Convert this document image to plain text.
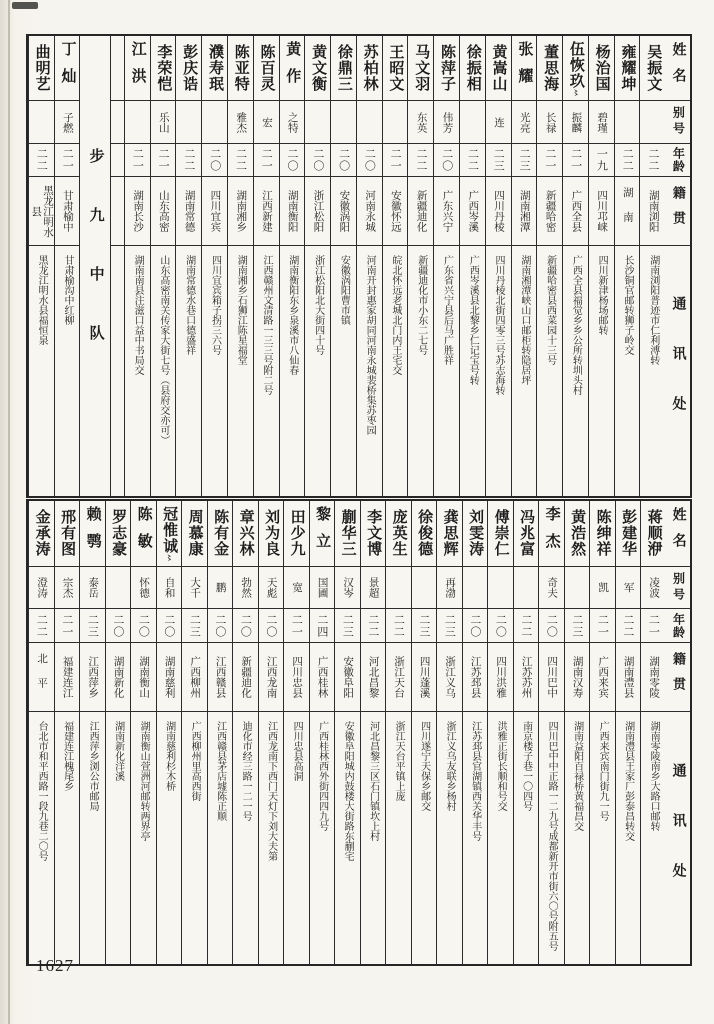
姓名
别号
年龄
籍贯
通讯处
吴振文
二二
湖南浏阳
湖南浏阳普迹市仁利溥转
雍耀坤
二二
湖南
长沙铜官邮转狮子岭交
杨治国
碧瑾
一九
四川邛崃
四川新津杨场邮转
伍恢玖〻
振麟
二一
广西全县
广西全县福觉乡乡公所转圳头村
董思海
长禄
二一
新疆哈密
新疆哈密县西菜园十三号
张耀
光亮
二三
湖南湘潭
湖南湘潭峡山口邮柜转隐居坪
黄嵩山
连
二三
四川丹棱
四川丹棱北街四零三号苏志海转
徐振相
二二
广西岑溪
广西岑溪县北黎乡仁记宝号转
陈萍子
伟芳
二〇
广东兴宁
广东省兴宁县后马广胜祥
马文羽
东英
二二
新疆迪化
新疆迪化市小东二七号
王昭文
二一
安徽怀远
皖北怀远老城北门内王宅交
苏柏林
二〇
河南永城
河南开封惠家胡同河南永城裴桥集苏枣园
徐鼎三
二〇
安徽涡阳
安徽涡阳曹市镇
黄文衡
二〇
浙江松阳
浙江松阳北大街四十号
黄作
之特
二〇
湖南衡阳
湖南衡阳东乡泉溪市八仙春
陈百灵
宏
二一
江西新建
江西赣州文清路一三三号附二号
陈亚特
雅杰
二二
湖南湘乡
湖南湘乡石狮江陈星福堂
濮寿珉
二〇
四川宜宾
四川宜宾箱子拐三六号
彭庆诰
二二
湖南常德
湖南常德水巷口德盛祥
李荣恺
乐山
二一
山东高密
山东高密南关传家大街七号（县府交亦可）
江洪
二一
湖南长沙
湖南南县注滋口益中书局交
步九中队
丁灿
子燃
二一
甘肃榆中
甘肃榆沟中红柳
曲明艺
二二
黑龙江明水县
黑龙江明水县福恒泉
姓名
别号
年龄
籍贯
通讯处
蒋顺洢
凌波
二一
湖南零陵
湖南零陵南乡大路口邮转
彭建华
军
二二
湖南澧县
湖南澧县王家厂彭泰昌转交
陈绅祥
凯
二一
广西来宾
广西来宾南门街九一号
黄浩然
二三
湖南汉寿
湖南益阳百禄桥黄福昌交
李杰
奇夫
二〇
四川巴中
四川巴中中正路一二九号成都新开市街六〇号附五号
冯兆富
二二
江苏苏州
南京楼子巷一〇四号
傅崇仁
二〇
四川洪雅
洪雅正街长顺和号交
刘雯涛
二〇
江苏邳县
江苏邳县官湖镇西关华丰号
龚思辉
再渤
二三
浙江义乌
浙江义乌友联乡杨村
徐俊德
二三
四川蓬溪
四川遂宁天保乡邮交
庞英生
二二
浙江天台
浙江天台平镇上庞
李文博
景超
二二
河北昌黎
河北昌黎三区石门镇坎上村
蒯华三
汉岑
二三
安徽阜阳
安徽阜阳城内鼓楼大街路东蒯宅
黎立
国圃
二四
广西桂林
广西桂林西外街四四九号
田少九
宽
二一
四川忠县
四川忠县高洞
刘为良
天彪
二〇
江西龙南
江西龙南下西门天灯下刘大夫第
章兴林
勃然
二〇
新疆迪化
迪化市经三路一二一号
陈有金
鹏
二〇
江西赣县
江西赣县茅店墟陈正顺
周慕康
大千
二三
广西柳州
广西柳州里高西街
冠惟诚〻
自和
二〇
湖南慈利
湖南慈利杉木桥
陈敏
怀德
二〇
湖南衡山
湖南衡山萱洲河邮转两界亭
罗志豪
二〇
湖南新化
湖南新化洋溪
赖鹗
泰岳
二三
江西萍乡
江西萍乡浏公市邮局
邢有图
宗杰
二一
福建连江
福建连江槐尾乡
金承涛
澄涛
二二
北平
台北市和平西路一段九巷二〇号
1627
